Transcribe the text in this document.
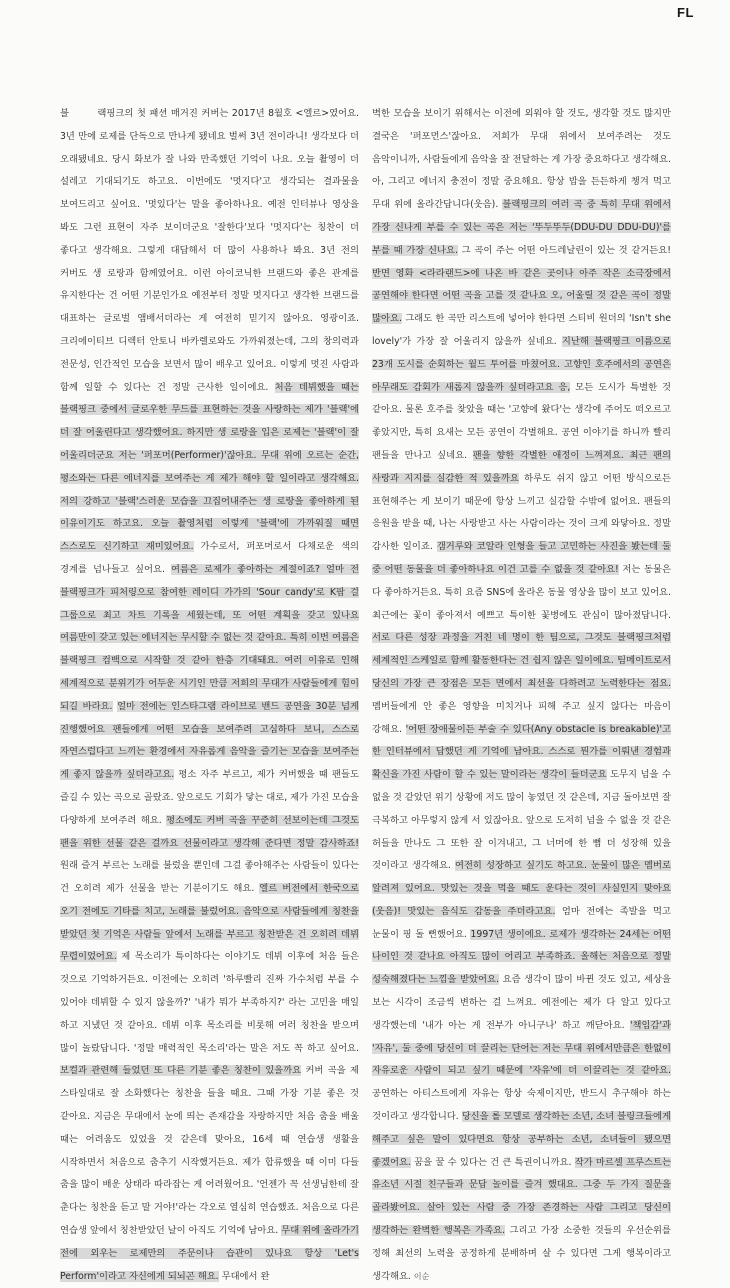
FL

블	랙핑크의 첫 패션 매거진 커버는 2017년 8월호 <엘르>였어요. 3년 만에 로제를 단독으로 만나게 됐네요 벌써 3년 전이라니! 생각보다 더 오래됐네요. 당시 화보가 잘 나와 만족했던 기억이 나요. 오늘 촬영이 더 설레고 기대되기도 하고요. 이번에도 '멋지다'고 생각되는 결과물을 보여드리고 싶어요. '멋있다'는 말을 좋아하나요. 예전 인터뷰나 영상을 봐도 그런 표현이 자주 보이더군요 '잘한다'보다 '멋지다'는 칭찬이 더 좋다고 생각해요. 그렇게 대답해서 더 많이 사용하나 봐요. 3년 전의 커버도 생 로랑과 함께였어요. 이런 아이코닉한 브랜드와 좋은 관계를 유지한다는 건 어떤 기분인가요 예전부터 정말 멋지다고 생각한 브랜드를 대표하는 글로벌 앰배서더라는 게 여전히 믿기지 않아요. 영광이죠. 크리에이티브 디렉터 안토니 바카렐로와도 가까워졌는데, 그의 창의력과 전문성, 인간적인 모습을 보면서 많이 배우고 있어요. 이렇게 멋진 사람과 함께 일할 수 있다는 건 정말 근사한 일이에요. 처음 데뷔했을 때는 블랙핑크 중에서 글로우한 무드를 표현하는 것을 사랑하는 제가 '블랙'에 더 잘 어울린다고 생각했어요. 하지만 생 로랑을 입은 로제는 '블랙'이 잘 어울리더군요 저는 '퍼포머(Performer)'잖아요. 무대 위에 오르는 순간, 평소와는 다른 에너지를 보여주는 게 제가 해야 할 일이라고 생각해요. 저의 강하고 '블랙'스러운 모습을 끄집어내주는 생 로랑을 좋아하게 된 이유이기도 하고요. 오늘 촬영처럼 이렇게 '블랙'에 가까워질 때면 스스로도 신기하고 재미있어요. 가수로서, 퍼포머로서 다채로운 색의 경계를 넘나들고 싶어요. 여름은 로제가 좋아하는 계절이죠? 얼마 전 블랙핑크가 피처링으로 참여한 레이디 가가의 'Sour candy'로 K팝 걸 그룹으로 최고 차트 기록을 세웠는데, 또 어떤 계획을 갖고 있나요 여름만이 갖고 있는 에너지는 무시할 수 없는 것 같아요. 특히 이번 여름은 블랙핑크 컴백으로 시작할 것 같아 한층 기대돼요. 여러 이유로 인해 세계적으로 분위기가 어두운 시기인 만큼 저희의 무대가 사람들에게 힘이 되길 바라요. 얼마 전에는 인스타그램 라이브로 밴드 공연을 30분 넘게 진행했어요 팬들에게 어떤 모습을 보여주려 고심하다 보니, 스스로 자연스럽다고 느끼는 환경에서 자유롭게 음악을 즐기는 모습을 보여주는 게 좋지 않을까 싶더라고요. 평소 자주 부르고, 제가 커버했을 때 팬들도 즐길 수 있는 곡으로 골랐죠. 앞으로도 기회가 닿는 대로, 제가 가진 모습을 다양하게 보여주려 해요. 평소에도 커버 곡을 꾸준히 선보이는데 그것도 팬을 위한 선물 같은 걸까요 선물이라고 생각해 준다면 정말 감사하죠! 원래 즐겨 부르는 노래를 불렀을 뿐인데 그걸 좋아해주는 사람들이 있다는 건 오히려 제가 선물을 받는 기분이기도 해요. 엘르 버전에서 한국으로 오기 전에도 기타를 치고, 노래를 불렀어요. 음악으로 사람들에게 칭찬을 받았던 첫 기억은 사람들 앞에서 노래를 부르고 칭찬받은 건 오히려 데뷔 무렵이었어요. 제 목소리가 특이하다는 이야기도 데뷔 이후에 처음 들은 것으로 기억하거든요. 이전에는 오히려 '하루빨리 진짜 가수처럼 부를 수 있어야 데뷔할 수 있지 않을까?' '내가 뭐가 부족하지?' 라는 고민을 매일 하고 지냈던 것 같아요. 데뷔 이후 목소리를 비롯해 여러 칭찬을 받으며 많이 놀랐답니다. '정말 매력적인 목소리'라는 말은 저도 꼭 하고 싶어요. 보컬과 관련해 들었던 또 다른 기분 좋은 칭찬이 있을까요 커버 곡을 제 스타일대로 잘 소화했다는 칭찬을 들을 때요. 그때 가장 기분 좋은 것 같아요. 지금은 무대에서 눈에 띄는 존재감을 자랑하지만 처음 춤을 배울 때는 어려움도 있었을 것 같은데 맞아요, 16세 때 연습생 생활을 시작하면서 처음으로 춤추기 시작했거든요. 제가 합류했을 때 이미 다들 춤을 많이 배운 상태라 따라잡는 게 어려웠어요. '언젠가 꼭 선생님한테 잘 춘다는 칭찬을 듣고 말 거야!'라는 각오로 열심히 연습했죠. 처음으로 다른 연습생 앞에서 칭찬받았던 날이 아직도 기억에 남아요. 무대 위에 올라가기 전에 외우는 로제만의 주문이나 습관이 있나요 항상 'Let's Perform'이라고 자신에게 되뇌곤 해요. 무대에서 완

벽한 모습을 보이기 위해서는 이전에 외워야 할 것도, 생각할 것도 많지만 결국은 '퍼포먼스'잖아요. 저희가 무대 위에서 보여주려는 것도 음악이니까, 사람들에게 음악을 잘 전달하는 게 가장 중요하다고 생각해요. 아, 그리고 에너지 충전이 정말 중요해요. 항상 밥을 든든하게 챙겨 먹고 무대 위에 올라간답니다(웃음). 블랙핑크의 여러 곡 중 특히 무대 위에서 가장 신나게 부를 수 있는 곡은 저는 '뚜두뚜두(DDU-DU DDU-DU)'를 부를 때 가장 신나요. 그 곡이 주는 어떤 아드레날린이 있는 것 같거든요! 반면 영화 <라라랜드>에 나온 바 같은 곳이나 아주 작은 소극장에서 공연해야 한다면 어떤 곡을 고를 것 같나요 오, 어울릴 것 같은 곡이 정말 많아요. 그래도 한 곡만 리스트에 넣어야 한다면 스티비 원더의 'Isn't she lovely'가 가장 잘 어울리지 않을까 싶네요. 지난해 블랙핑크 이름으로 23개 도시를 순회하는 월드 투어를 마쳤어요. 고향인 호주에서의 공연은 아무래도 감회가 새롭지 않을까 싶더라고요 응, 모든 도시가 특별한 것 같아요. 물론 호주를 찾았을 때는 '고향에 왔다'는 생각에 주어도 떠오르고 좋았지만, 특히 요새는 모든 공연이 각별해요. 공연 이야기를 하니까 빨리 팬들을 만나고 싶네요. 팬을 향한 각별한 애정이 느껴져요. 최근 팬의 사랑과 지지를 실감한 적 있을까요 하루도 쉬지 않고 어떤 방식으로든 표현해주는 게 보이기 때문에 항상 느끼고 실감할 수밖에 없어요. 팬들의 응원을 받을 때, 나는 사랑받고 사는 사람이라는 것이 크게 와닿아요. 정말 감사한 일이죠. 갬거루와 코알라 인형을 들고 고민하는 사진을 봤는데 둘 중 어떤 동물을 더 좋아하나요 이건 고를 수 없을 것 같아요! 저는 동물은 다 좋아하거든요. 특히 요즘 SNS에 올라온 동물 영상을 많이 보고 있어요. 최근에는 꽃이 좋아져서 예쁘고 특이한 꽃병에도 관심이 많아졌답니다. 서로 다른 성장 과정을 거친 네 명이 한 팀으로, 그것도 블랙핑크처럼 세계적인 스케일로 함께 활동한다는 건 쉽지 않은 일이에요. 팀메이트로서 당신의 가장 큰 장점은 모든 면에서 최선을 다하려고 노력한다는 점요. 멤버들에게 안 좋은 영향을 미치거나 피해 주고 싶지 않다는 마음이 강해요. '어떤 장애물이든 부술 수 있다(Any obstacle is breakable)'고 한 인터뷰에서 답했던 게 기억에 남아요. 스스로 뭔가를 이뤄낸 경험과 확신을 가진 사람이 할 수 있는 말이라는 생각이 들더군요 도무지 넘을 수 없을 것 같았던 위기 상황에 저도 많이 놓였던 것 같은데, 지금 돌아보면 잘 극복하고 아무렇지 않게 서 있잖아요. 앞으로 도저히 넘을 수 없을 것 같은 허들을 만나도 그 또한 잘 이겨내고, 그 너머에 한 뼘 더 성장해 있을 것이라고 생각해요. 여전히 성장하고 싶기도 하고요. 눈물이 많은 멤버로 알려져 있어요. 맛있는 것을 먹을 때도 운다는 것이 사실인지 맞아요(웃음)! 맛있는 음식도 감동을 주더라고요. 엄마 전에는 족발을 먹고 눈물이 핑 돌 뻔했어요. 1997년 생이에요. 로제가 생각하는 24세는 어떤 나이인 것 같나요 아직도 많이 어리고 부족하죠. 올해는 처음으로 정말 성숙해졌다는 느낌을 받았어요. 요즘 생각이 많이 바뀐 것도 있고, 세상을 보는 시각이 조금씩 변하는 걸 느껴요. 예전에는 제가 다 알고 있다고 생각했는데 '내가 아는 게 전부가 아니구나' 하고 깨닫아요. '책임감'과 '자유', 둘 중에 당신이 더 끌리는 단어는 저는 무대 위에서만큼은 한없이 자유로운 사람이 되고 싶기 때문에 '자유'에 더 이끌리는 것 같아요. 공연하는 아티스트에게 자유는 항상 숙제이지만, 반드시 추구해야 하는 것이라고 생각합니다. 당신을 롤 모델로 생각하는 소년, 소녀 블링크들에게 해주고 싶은 말이 있다면요 항상 공부하는 소년, 소녀들이 됐으면 좋겠어요. 꿈을 꿀 수 있다는 건 큰 특권이니까요. 작가 마르셀 프루스트는 유소년 시절 친구들과 문답 놀이를 즐겨 했대요. 그중 두 가지 질문을 골라봤어요. 살아 있는 사람 중 가장 존경하는 사람 그리고 당신이 생각하는 완벽한 행복은 가족요. 그리고 가장 소중한 것들의 우선순위를 정해 최선의 노력을 공정하게 분배하며 살 수 있다면 그게 행복이라고 생각해요. 이순
